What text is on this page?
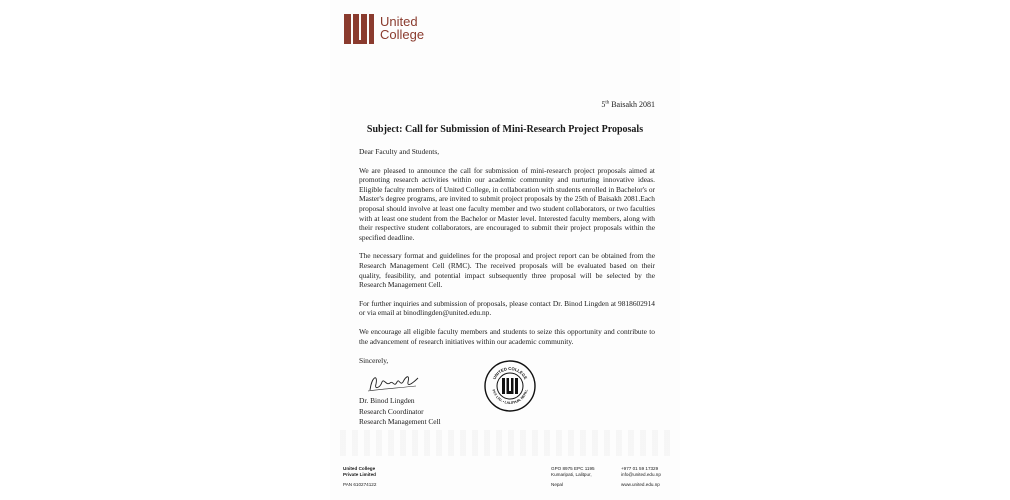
United
College
5th Baisakh 2081
Subject: Call for Submission of Mini-Research Project Proposals

Dear Faculty and Students,

We are pleased to announce the call for submission of mini-research project proposals aimed at promoting research activities within our academic community and nurturing innovative ideas. Eligible faculty members of United College, in collaboration with students enrolled in Bachelor's or Master's degree programs, are invited to submit project proposals by the 25th of Baisakh 2081.Each proposal should involve at least one faculty member and two student collaborators, or two faculties with at least one student from the Bachelor or Master level. Interested faculty members, along with their respective student collaborators, are encouraged to submit their project proposals within the specified deadline.

The necessary format and guidelines for the proposal and project report can be obtained from the Research Management Cell (RMC). The received proposals will be evaluated based on their quality, feasibility, and potential impact subsequently three proposal will be selected by the Research Management Cell.

For further inquiries and submission of proposals, please contact Dr. Binod Lingden at 9818602914 or via email at binodlingden@united.edu.np.

We encourage all eligible faculty members and students to seize this opportunity and contribute to the advancement of research initiatives within our academic community.

Sincerely,
Dr. Binod Lingden
Research Coordinator
Research Management Cell
UNITED COLLEGE
PVT. LTD. • LALITPUR, NEPAL
United College
Private Limited
PAN 610274122
GPO 8975 EPC 1195
Kumaripati, Lalitpur,
Nepal
+977 01 59 17329
info@united.edu.np
www.united.edu.np
